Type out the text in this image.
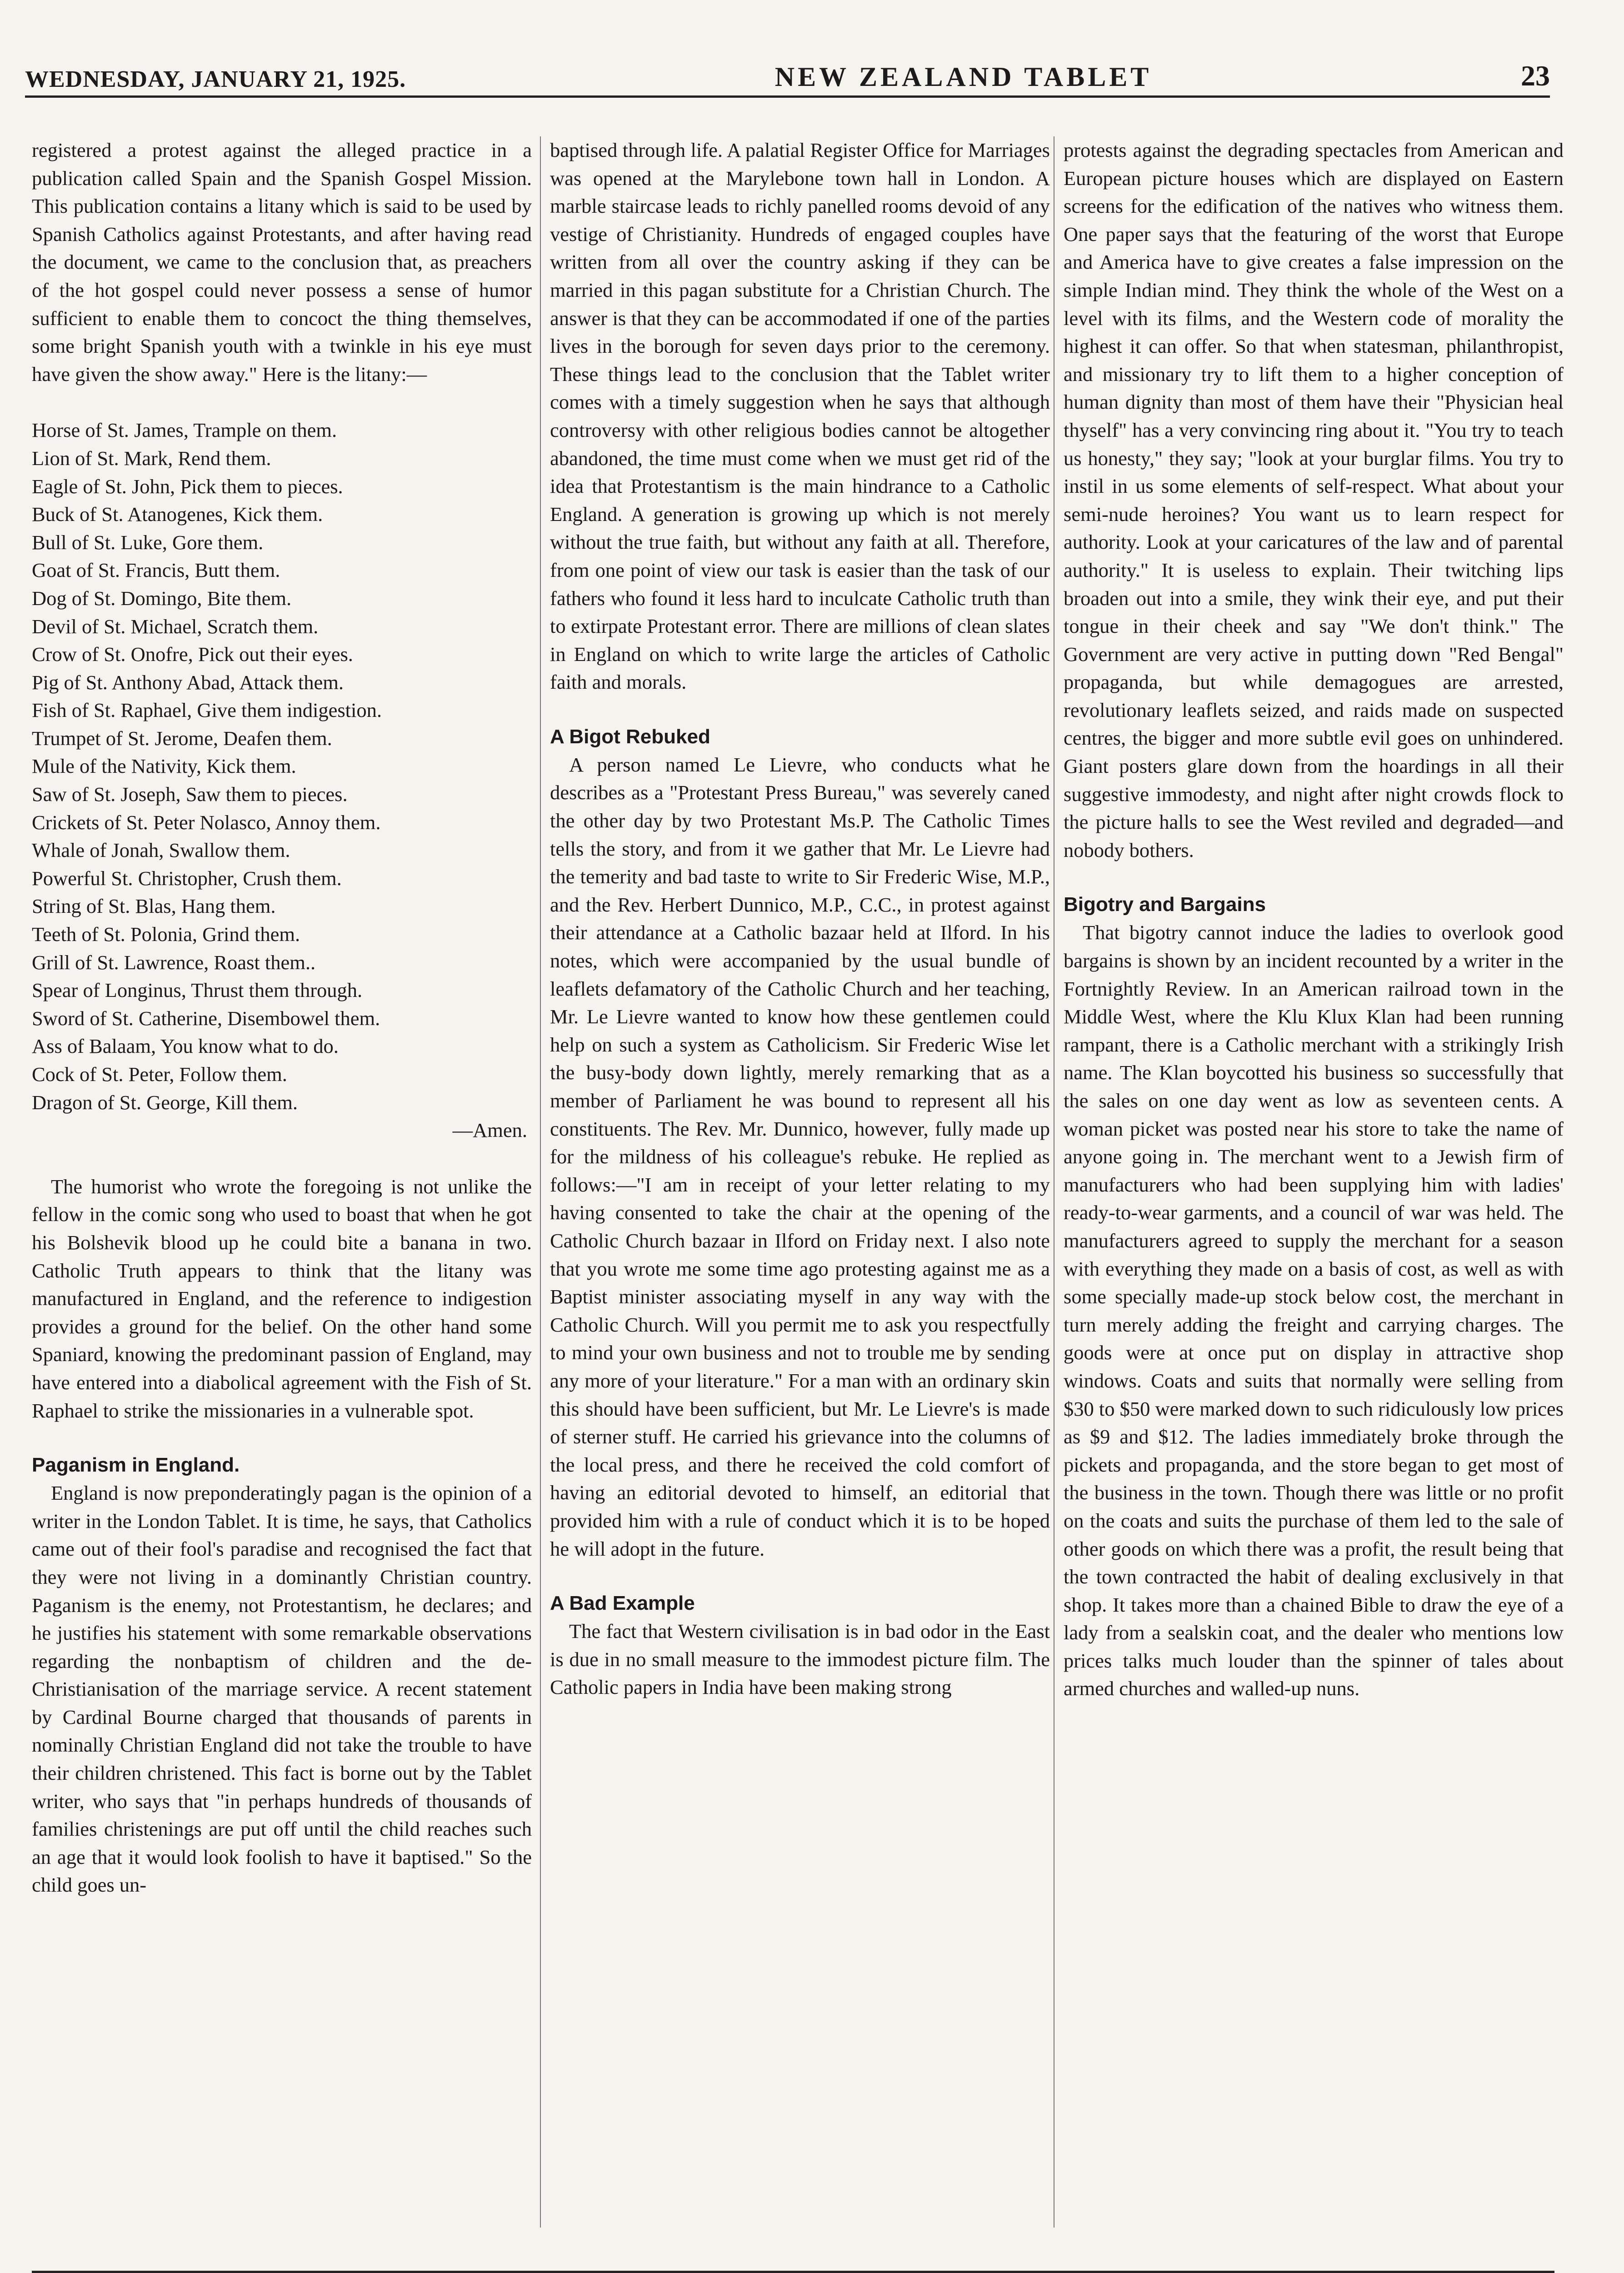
WEDNESDAY, JANUARY 21, 1925.	NEW ZEALAND TABLET	23

registered a protest against the alleged practice in a publication called Spain and the Spanish Gospel Mission. This publication contains a litany which is said to be used by Spanish Catholics against Protestants, and after having read the document, we came to the conclusion that, as preachers of the hot gospel could never possess a sense of humor sufficient to enable them to concoct the thing themselves, some bright Spanish youth with a twinkle in his eye must have given the show away." Here is the litany:—

Horse of St. James, Trample on them.
Lion of St. Mark, Rend them.
Eagle of St. John, Pick them to pieces.
Buck of St. Atanogenes, Kick them.
Bull of St. Luke, Gore them.
Goat of St. Francis, Butt them.
Dog of St. Domingo, Bite them.
Devil of St. Michael, Scratch them.
Crow of St. Onofre, Pick out their eyes.
Pig of St. Anthony Abad, Attack them.
Fish of St. Raphael, Give them indigestion.
Trumpet of St. Jerome, Deafen them.
Mule of the Nativity, Kick them.
Saw of St. Joseph, Saw them to pieces.
Crickets of St. Peter Nolasco, Annoy them.
Whale of Jonah, Swallow them.
Powerful St. Christopher, Crush them.
String of St. Blas, Hang them.
Teeth of St. Polonia, Grind them.
Grill of St. Lawrence, Roast them..
Spear of Longinus, Thrust them through.
Sword of St. Catherine, Disembowel them.
Ass of Balaam, You know what to do.
Cock of St. Peter, Follow them.
Dragon of St. George, Kill them.
—Amen.

The humorist who wrote the foregoing is not unlike the fellow in the comic song who used to boast that when he got his Bolshevik blood up he could bite a banana in two. Catholic Truth appears to think that the litany was manufactured in England, and the reference to indigestion provides a ground for the belief. On the other hand some Spaniard, knowing the predominant passion of England, may have entered into a diabolical agreement with the Fish of St. Raphael to strike the missionaries in a vulnerable spot.

Paganism in England.

England is now preponderatingly pagan is the opinion of a writer in the London Tablet. It is time, he says, that Catholics came out of their fool's paradise and recognised the fact that they were not living in a dominantly Christian country. Paganism is the enemy, not Protestantism, he declares; and he justifies his statement with some remarkable observations regarding the nonbaptism of children and the de-Christianisation of the marriage service. A recent statement by Cardinal Bourne charged that thousands of parents in nominally Christian England did not take the trouble to have their children christened. This fact is borne out by the Tablet writer, who says that "in perhaps hundreds of thousands of families christenings are put off until the child reaches such an age that it would look foolish to have it baptised." So the child goes un-

baptised through life. A palatial Register Office for Marriages was opened at the Marylebone town hall in London. A marble staircase leads to richly panelled rooms devoid of any vestige of Christianity. Hundreds of engaged couples have written from all over the country asking if they can be married in this pagan substitute for a Christian Church. The answer is that they can be accommodated if one of the parties lives in the borough for seven days prior to the ceremony. These things lead to the conclusion that the Tablet writer comes with a timely suggestion when he says that although controversy with other religious bodies cannot be altogether abandoned, the time must come when we must get rid of the idea that Protestantism is the main hindrance to a Catholic England. A generation is growing up which is not merely without the true faith, but without any faith at all. Therefore, from one point of view our task is easier than the task of our fathers who found it less hard to inculcate Catholic truth than to extirpate Protestant error. There are millions of clean slates in England on which to write large the articles of Catholic faith and morals.

A Bigot Rebuked

A person named Le Lievre, who conducts what he describes as a "Protestant Press Bureau," was severely caned the other day by two Protestant Ms.P. The Catholic Times tells the story, and from it we gather that Mr. Le Lievre had the temerity and bad taste to write to Sir Frederic Wise, M.P., and the Rev. Herbert Dunnico, M.P., C.C., in protest against their attendance at a Catholic bazaar held at Ilford. In his notes, which were accompanied by the usual bundle of leaflets defamatory of the Catholic Church and her teaching, Mr. Le Lievre wanted to know how these gentlemen could help on such a system as Catholicism. Sir Frederic Wise let the busy-body down lightly, merely remarking that as a member of Parliament he was bound to represent all his constituents. The Rev. Mr. Dunnico, however, fully made up for the mildness of his colleague's rebuke. He replied as follows:—"I am in receipt of your letter relating to my having consented to take the chair at the opening of the Catholic Church bazaar in Ilford on Friday next. I also note that you wrote me some time ago protesting against me as a Baptist minister associating myself in any way with the Catholic Church. Will you permit me to ask you respectfully to mind your own business and not to trouble me by sending any more of your literature." For a man with an ordinary skin this should have been sufficient, but Mr. Le Lievre's is made of sterner stuff. He carried his grievance into the columns of the local press, and there he received the cold comfort of having an editorial devoted to himself, an editorial that provided him with a rule of conduct which it is to be hoped he will adopt in the future.

A Bad Example

The fact that Western civilisation is in bad odor in the East is due in no small measure to the immodest picture film. The Catholic papers in India have been making strong

protests against the degrading spectacles from American and European picture houses which are displayed on Eastern screens for the edification of the natives who witness them. One paper says that the featuring of the worst that Europe and America have to give creates a false impression on the simple Indian mind. They think the whole of the West on a level with its films, and the Western code of morality the highest it can offer. So that when statesman, philanthropist, and missionary try to lift them to a higher conception of human dignity than most of them have their "Physician heal thyself" has a very convincing ring about it. "You try to teach us honesty," they say; "look at your burglar films. You try to instil in us some elements of self-respect. What about your semi-nude heroines? You want us to learn respect for authority. Look at your caricatures of the law and of parental authority." It is useless to explain. Their twitching lips broaden out into a smile, they wink their eye, and put their tongue in their cheek and say "We don't think." The Government are very active in putting down "Red Bengal" propaganda, but while demagogues are arrested, revolutionary leaflets seized, and raids made on suspected centres, the bigger and more subtle evil goes on unhindered. Giant posters glare down from the hoardings in all their suggestive immodesty, and night after night crowds flock to the picture halls to see the West reviled and degraded—and nobody bothers.

Bigotry and Bargains

That bigotry cannot induce the ladies to overlook good bargains is shown by an incident recounted by a writer in the Fortnightly Review. In an American railroad town in the Middle West, where the Klu Klux Klan had been running rampant, there is a Catholic merchant with a strikingly Irish name. The Klan boycotted his business so successfully that the sales on one day went as low as seventeen cents. A woman picket was posted near his store to take the name of anyone going in. The merchant went to a Jewish firm of manufacturers who had been supplying him with ladies' ready-to-wear garments, and a council of war was held. The manufacturers agreed to supply the merchant for a season with everything they made on a basis of cost, as well as with some specially made-up stock below cost, the merchant in turn merely adding the freight and carrying charges. The goods were at once put on display in attractive shop windows. Coats and suits that normally were selling from $30 to $50 were marked down to such ridiculously low prices as $9 and $12. The ladies immediately broke through the pickets and propaganda, and the store began to get most of the business in the town. Though there was little or no profit on the coats and suits the purchase of them led to the sale of other goods on which there was a profit, the result being that the town contracted the habit of dealing exclusively in that shop. It takes more than a chained Bible to draw the eye of a lady from a sealskin coat, and the dealer who mentions low prices talks much louder than the spinner of tales about armed churches and walled-up nuns.
